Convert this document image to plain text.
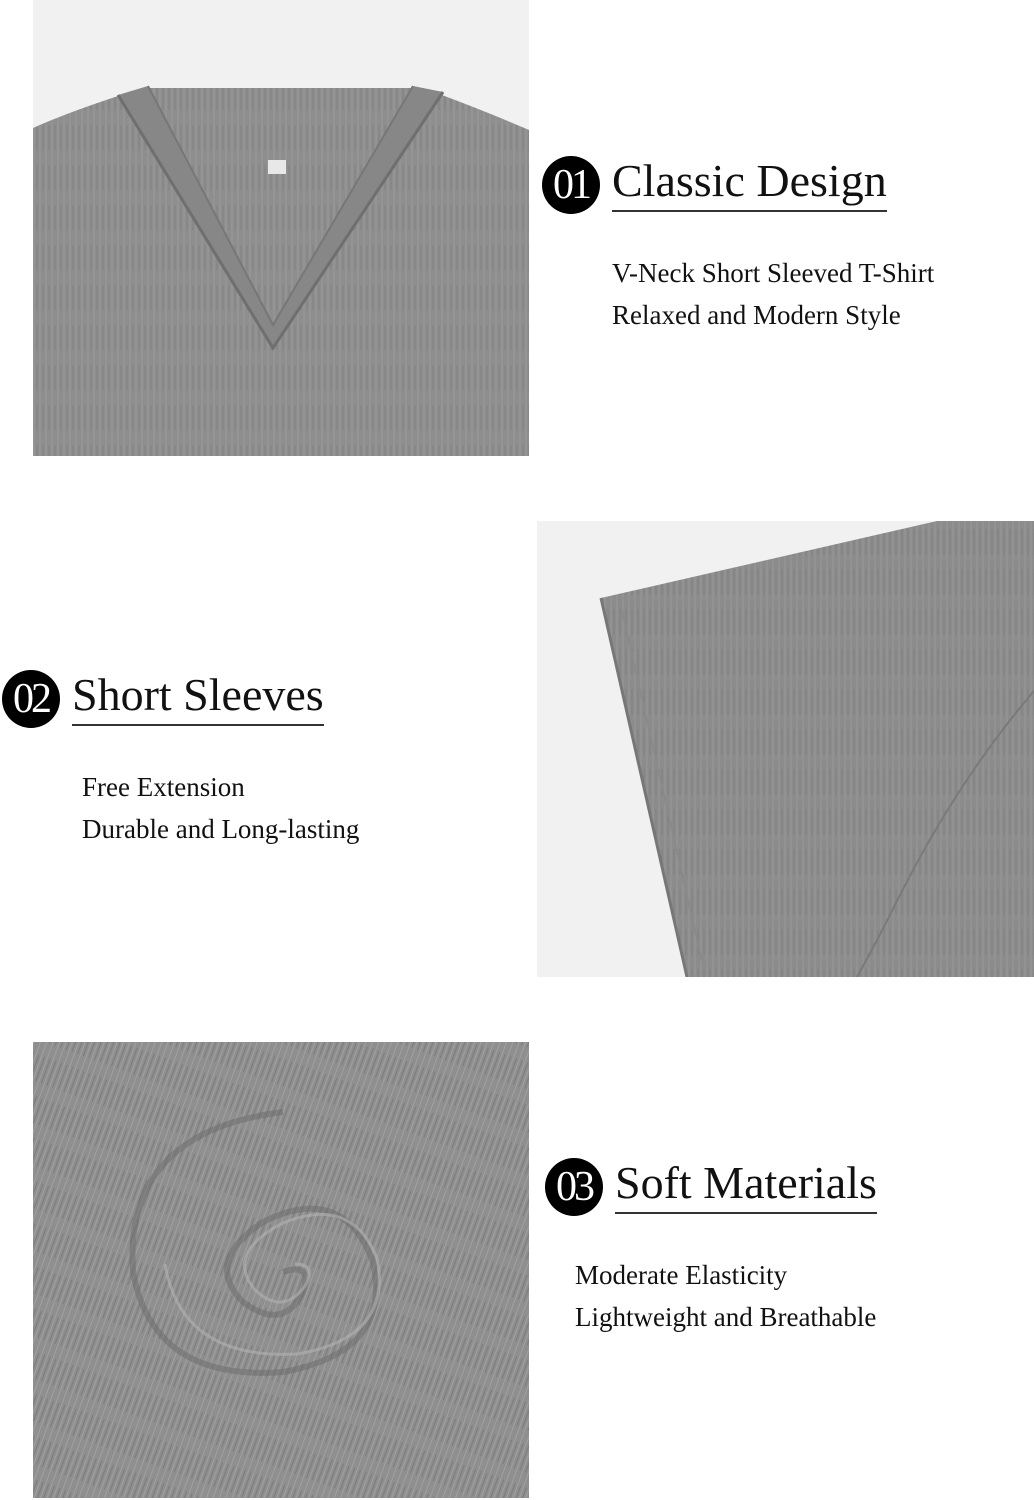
01 Classic Design
V-Neck Short Sleeved T-Shirt
Relaxed and Modern Style
02 Short Sleeves
Free Extension
Durable and Long-lasting
03 Soft Materials
Moderate Elasticity
Lightweight and Breathable
